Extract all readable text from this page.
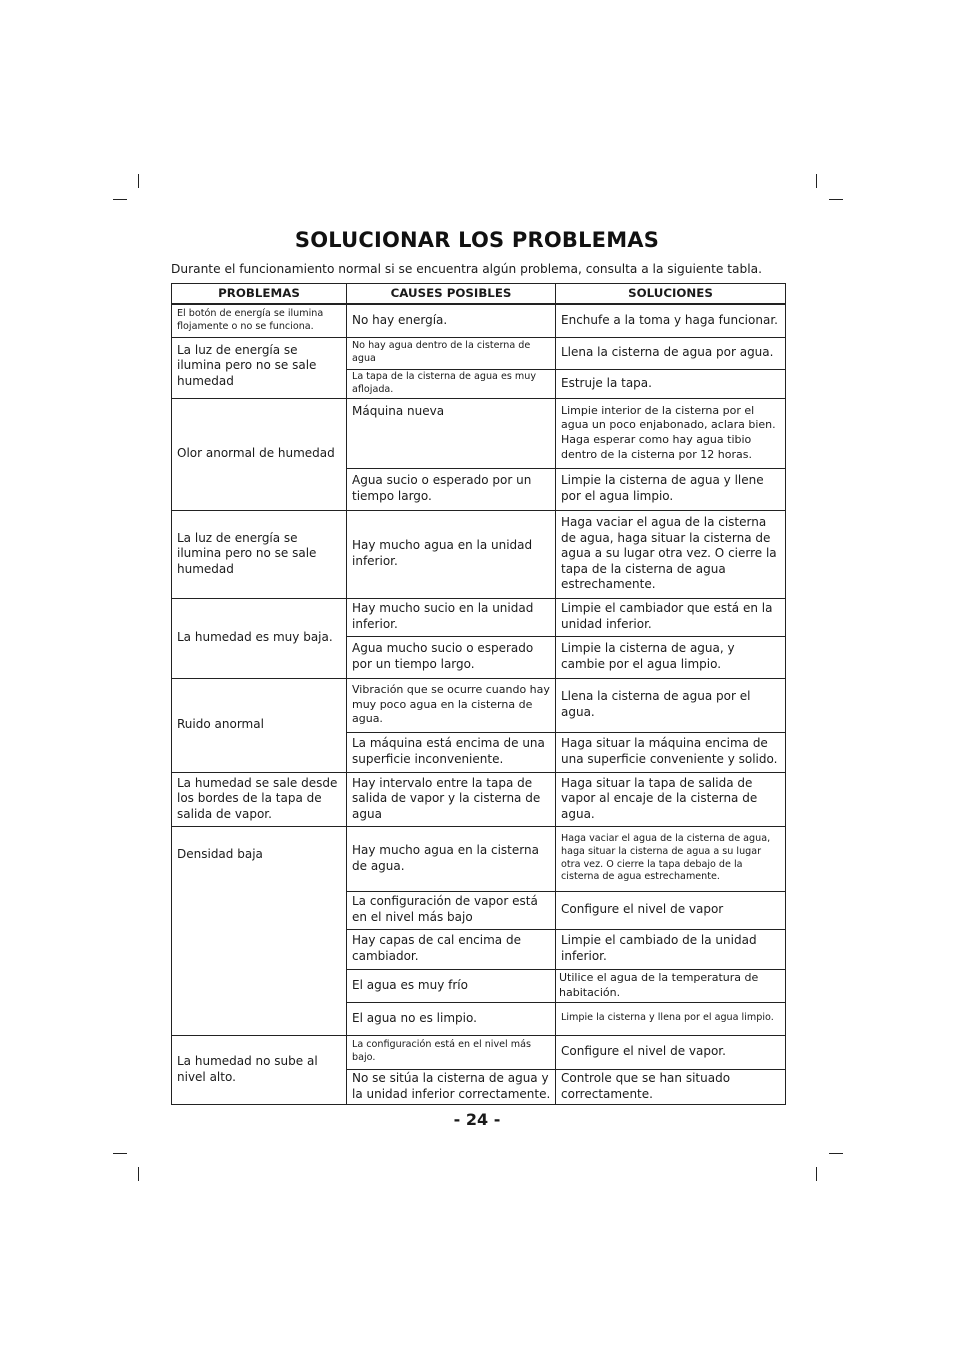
SOLUCIONAR LOS PROBLEMAS

Durante el funcionamiento normal si se encuentra algún problema, consulta a la siguiente tabla.

PROBLEMAS	CAUSES POSIBLES	SOLUCIONES
El botón de energía se ilumina flojamente o no se funciona.	No hay energía.	Enchufe a la toma y haga funcionar.
La luz de energía se ilumina pero no se sale humedad	No hay agua dentro de la cisterna de agua	Llena la cisterna de agua por agua.
	La tapa de la cisterna de agua es muy aflojada.	Estruje la tapa.
Olor anormal de humedad	Máquina nueva	Limpie interior de la cisterna por el agua un poco enjabonado, aclara bien. Haga esperar como hay agua tibio dentro de la cisterna por 12 horas.
	Agua sucio o esperado por un tiempo largo.	Limpie la cisterna de agua y llene por el agua limpio.
La luz de energía se ilumina pero no se sale humedad	Hay mucho agua en la unidad inferior.	Haga vaciar el agua de la cisterna de agua, haga situar la cisterna de agua a su lugar otra vez. O cierre la tapa de la cisterna de agua estrechamente.
La humedad es muy baja.	Hay mucho sucio en la unidad inferior.	Limpie el cambiador que está en la unidad inferior.
	Agua mucho sucio o esperado por un tiempo largo.	Limpie la cisterna de agua, y cambie por el agua limpio.
Ruido anormal	Vibración que se ocurre cuando hay muy poco agua en la cisterna de agua.	Llena la cisterna de agua por el agua.
	La máquina está encima de una superficie inconveniente.	Haga situar la máquina encima de una superficie conveniente y solido.
La humedad se sale desde los bordes de la tapa de salida de vapor.	Hay intervalo entre la tapa de salida de vapor y la cisterna de agua	Haga situar la tapa de salida de vapor al encaje de la cisterna de agua.
Densidad baja	Hay mucho agua en la cisterna de agua.	Haga vaciar el agua de la cisterna de agua, haga situar la cisterna de agua a su lugar otra vez. O cierre la tapa debajo de la cisterna de agua estrechamente.
	La configuración de vapor está en el nivel más bajo	Configure el nivel de vapor
	Hay capas de cal encima de cambiador.	Limpie el cambiado de la unidad inferior.
	El agua es muy frío	Utilice el agua de la temperatura de habitación.
	El agua no es limpio.	Limpie la cisterna y llena por el agua limpio.
La humedad no sube al nivel alto.	La configuración está en el nivel más bajo.	Configure el nivel de vapor.
	No se sitúa la cisterna de agua y la unidad inferior correctamente.	Controle que se han situado correctamente.
- 24 -
